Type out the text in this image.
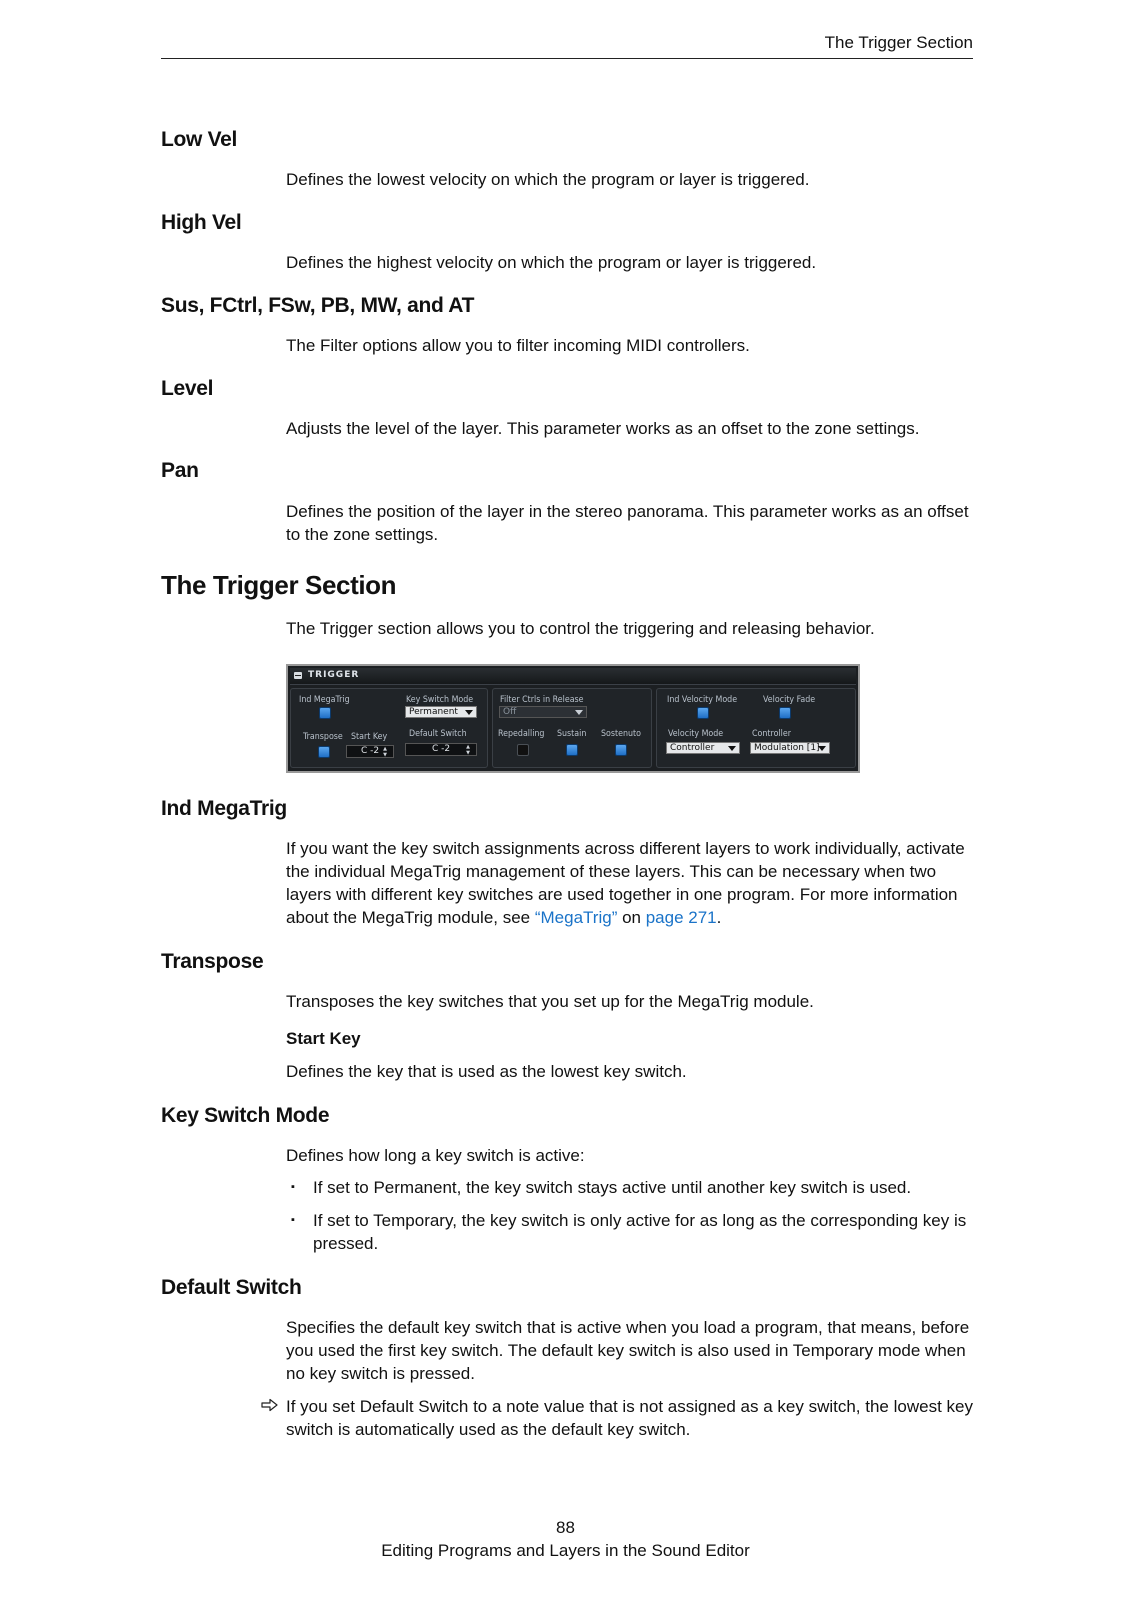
The Trigger Section
Low Vel
Defines the lowest velocity on which the program or layer is triggered.
High Vel
Defines the highest velocity on which the program or layer is triggered.
Sus, FCtrl, FSw, PB, MW, and AT
The Filter options allow you to filter incoming MIDI controllers.
Level
Adjusts the level of the layer. This parameter works as an offset to the zone settings.
Pan
Defines the position of the layer in the stereo panorama. This parameter works as an offset to the zone settings.
The Trigger Section
The Trigger section allows you to control the triggering and releasing behavior.
Ind MegaTrig
If you want the key switch assignments across different layers to work individually, activate the individual MegaTrig management of these layers. This can be necessary when two layers with different key switches are used together in one program. For more information about the MegaTrig module, see “MegaTrig” on page 271.
Transpose
Transposes the key switches that you set up for the MegaTrig module.
Start Key
Defines the key that is used as the lowest key switch.
Key Switch Mode
Defines how long a key switch is active:
▪ If set to Permanent, the key switch stays active until another key switch is used.
▪ If set to Temporary, the key switch is only active for as long as the corresponding key is pressed.
Default Switch
Specifies the default key switch that is active when you load a program, that means, before you used the first key switch. The default key switch is also used in Temporary mode when no key switch is pressed.
If you set Default Switch to a note value that is not assigned as a key switch, the lowest key switch is automatically used as the default key switch.
TRIGGER
Ind MegaTrig	Key Switch Mode
Permanent
Transpose Start Key
C -2 ▲▼
Default Switch
C -2	▲▼
Filter Ctrls in Release
Off
Repedalling Sustain Sostenuto
Ind Velocity Mode	Velocity Fade
Velocity Mode
Controller
Controller
Modulation [1]
88
Editing Programs and Layers in the Sound Editor
